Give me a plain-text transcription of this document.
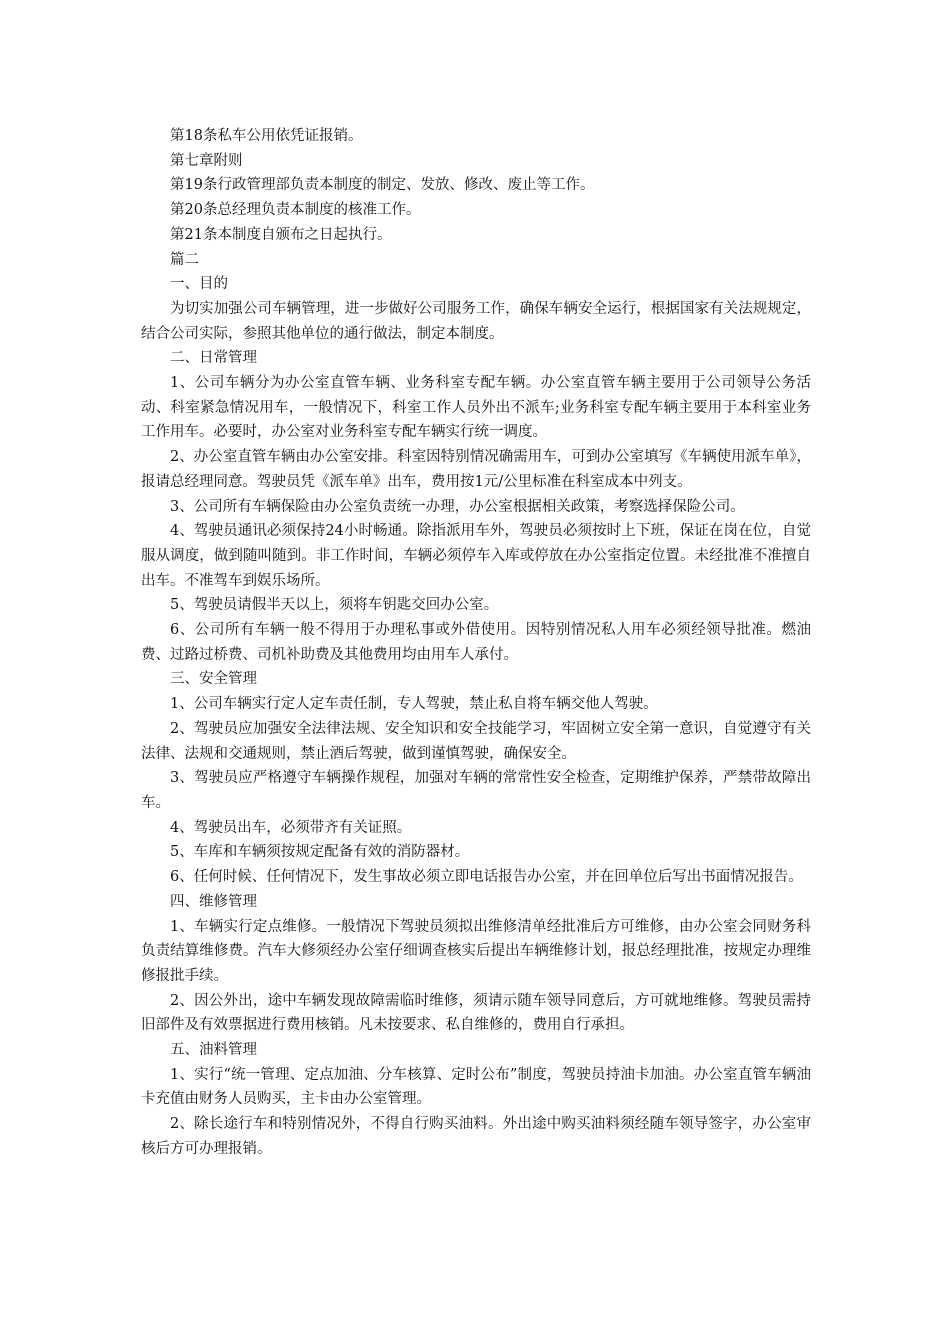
第18条私车公用依凭证报销。

第七章附则

第19条行政管理部负责本制度的制定、发放、修改、废止等工作。

第20条总经理负责本制度的核准工作。

第21条本制度自颁布之日起执行。

篇二

一、目的

为切实加强公司车辆管理，进一步做好公司服务工作，确保车辆安全运行，根据国家有关法规规定，结合公司实际，参照其他单位的通行做法，制定本制度。

二、日常管理

1、公司车辆分为办公室直管车辆、业务科室专配车辆。办公室直管车辆主要用于公司领导公务活动、科室紧急情况用车，一般情况下，科室工作人员外出不派车;业务科室专配车辆主要用于本科室业务工作用车。必要时，办公室对业务科室专配车辆实行统一调度。

2、办公室直管车辆由办公室安排。科室因特别情况确需用车，可到办公室填写《车辆使用派车单》，报请总经理同意。驾驶员凭《派车单》出车，费用按1元/公里标准在科室成本中列支。

3、公司所有车辆保险由办公室负责统一办理，办公室根据相关政策，考察选择保险公司。

4、驾驶员通讯必须保持24小时畅通。除指派用车外，驾驶员必须按时上下班，保证在岗在位，自觉服从调度，做到随叫随到。非工作时间，车辆必须停车入库或停放在办公室指定位置。未经批准不准擅自出车。不准驾车到娱乐场所。

5、驾驶员请假半天以上，须将车钥匙交回办公室。

6、公司所有车辆一般不得用于办理私事或外借使用。因特别情况私人用车必须经领导批准。燃油费、过路过桥费、司机补助费及其他费用均由用车人承付。

三、安全管理

1、公司车辆实行定人定车责任制，专人驾驶，禁止私自将车辆交他人驾驶。

2、驾驶员应加强安全法律法规、安全知识和安全技能学习，牢固树立安全第一意识，自觉遵守有关法律、法规和交通规则，禁止酒后驾驶，做到谨慎驾驶，确保安全。

3、驾驶员应严格遵守车辆操作规程，加强对车辆的常常性安全检查，定期维护保养，严禁带故障出车。

4、驾驶员出车，必须带齐有关证照。

5、车库和车辆须按规定配备有效的消防器材。

6、任何时候、任何情况下，发生事故必须立即电话报告办公室，并在回单位后写出书面情况报告。

四、维修管理

1、车辆实行定点维修。一般情况下驾驶员须拟出维修清单经批准后方可维修，由办公室会同财务科负责结算维修费。汽车大修须经办公室仔细调查核实后提出车辆维修计划，报总经理批准，按规定办理维修报批手续。

2、因公外出，途中车辆发现故障需临时维修，须请示随车领导同意后，方可就地维修。驾驶员需持旧部件及有效票据进行费用核销。凡未按要求、私自维修的，费用自行承担。

五、油料管理

1、实行“统一管理、定点加油、分车核算、定时公布”制度，驾驶员持油卡加油。办公室直管车辆油卡充值由财务人员购买，主卡由办公室管理。

2、除长途行车和特别情况外，不得自行购买油料。外出途中购买油料须经随车领导签字，办公室审核后方可办理报销。
